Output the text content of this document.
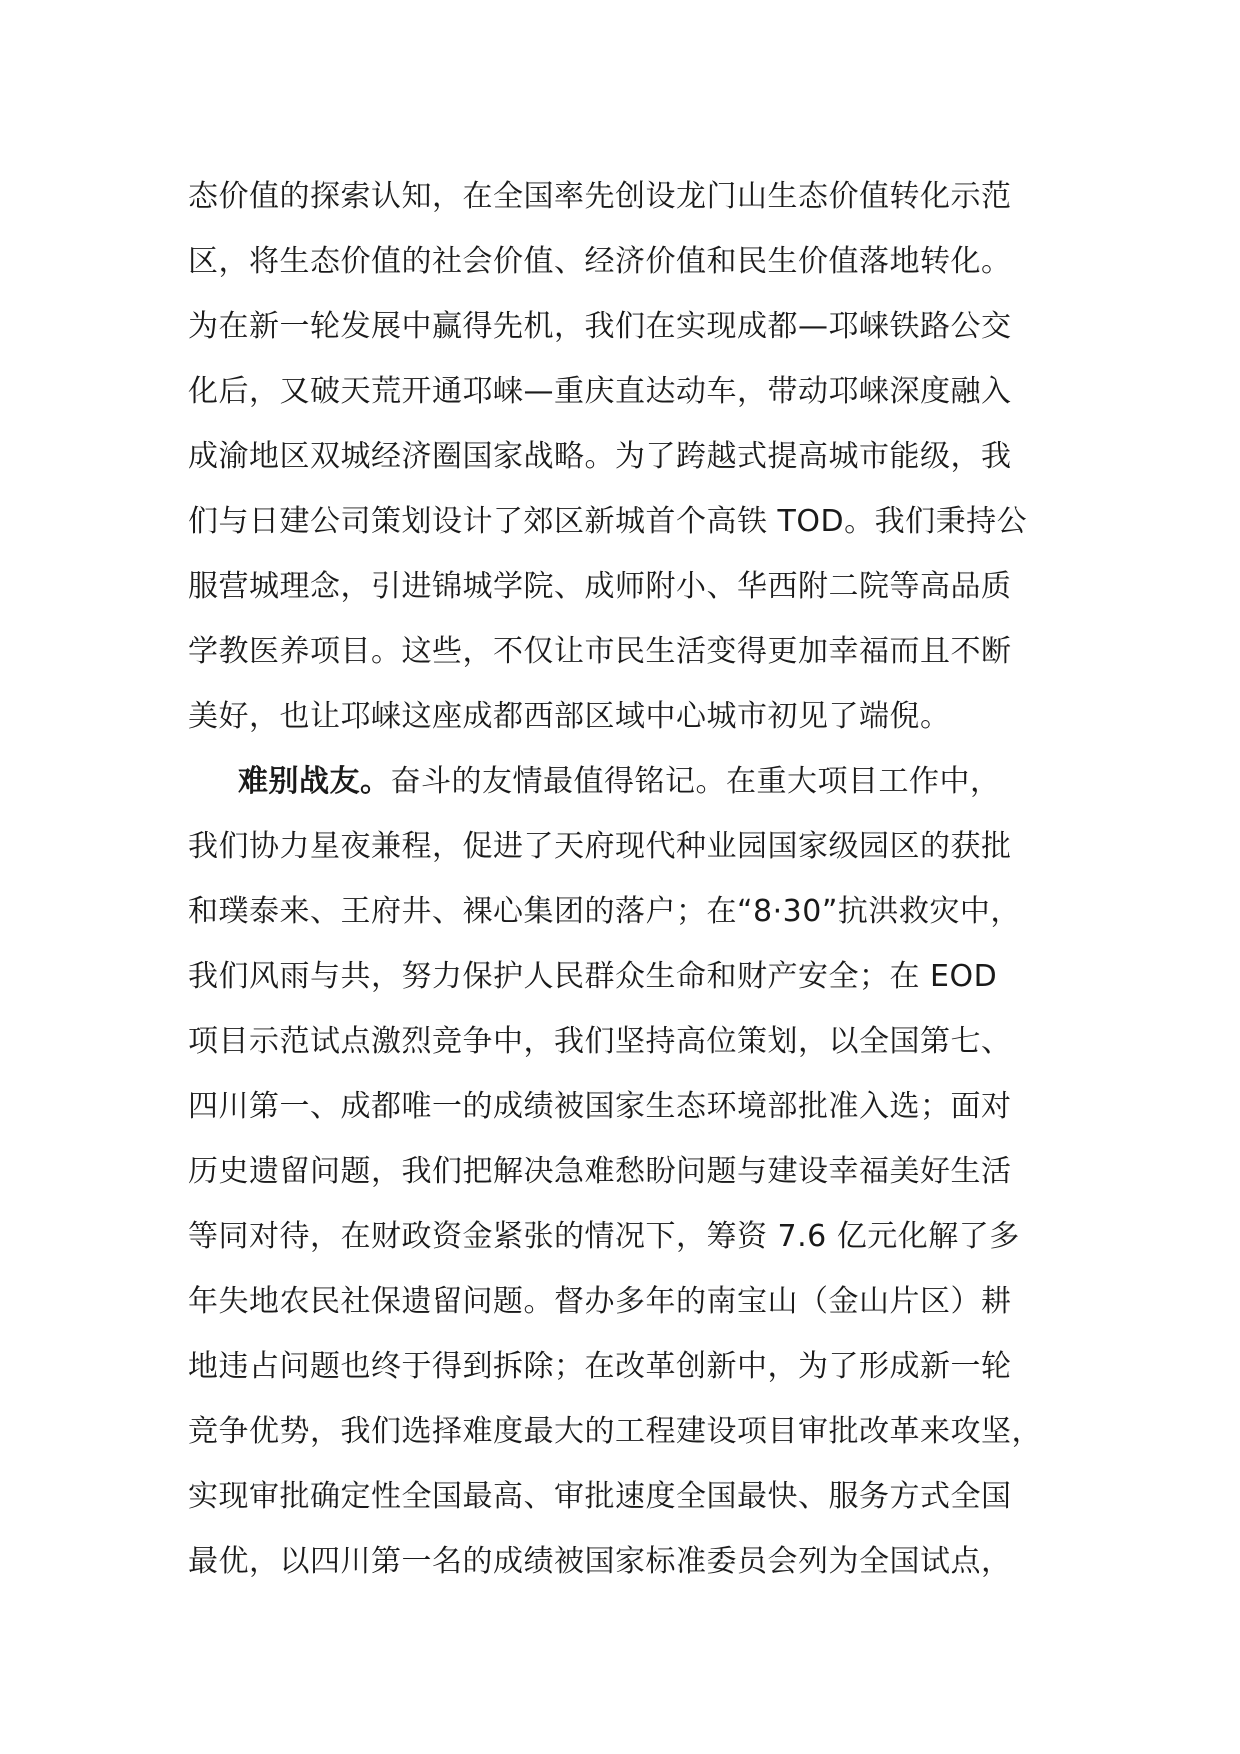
态价值的探索认知，在全国率先创设龙门山生态价值转化示范
区，将生态价值的社会价值、经济价值和民生价值落地转化。
为在新一轮发展中赢得先机，我们在实现成都—邛崃铁路公交
化后，又破天荒开通邛崃—重庆直达动车，带动邛崃深度融入
成渝地区双城经济圈国家战略。为了跨越式提高城市能级，我
们与日建公司策划设计了郊区新城首个高铁 TOD。我们秉持公
服营城理念，引进锦城学院、成师附小、华西附二院等高品质
学教医养项目。这些，不仅让市民生活变得更加幸福而且不断
美好，也让邛崃这座成都西部区域中心城市初见了端倪。
难别战友。奋斗的友情最值得铭记。在重大项目工作中，
我们协力星夜兼程，促进了天府现代种业园国家级园区的获批
和璞泰来、王府井、裸心集团的落户；在“8·30”抗洪救灾中，
我们风雨与共，努力保护人民群众生命和财产安全；在 EOD
项目示范试点激烈竞争中，我们坚持高位策划，以全国第七、
四川第一、成都唯一的成绩被国家生态环境部批准入选；面对
历史遗留问题，我们把解决急难愁盼问题与建设幸福美好生活
等同对待，在财政资金紧张的情况下，筹资 7.6 亿元化解了多
年失地农民社保遗留问题。督办多年的南宝山（金山片区）耕
地违占问题也终于得到拆除；在改革创新中，为了形成新一轮
竞争优势，我们选择难度最大的工程建设项目审批改革来攻坚，
实现审批确定性全国最高、审批速度全国最快、服务方式全国
最优，以四川第一名的成绩被国家标准委员会列为全国试点，
